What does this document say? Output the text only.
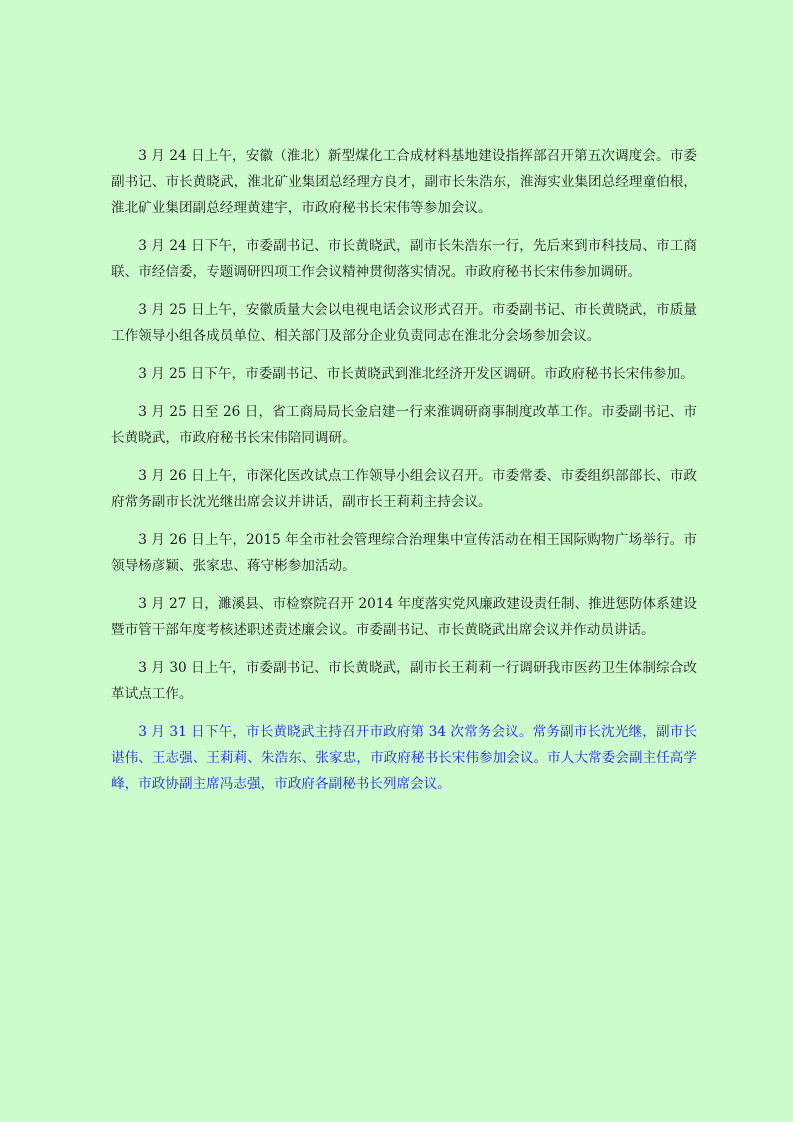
3 月 24 日上午，安徽（淮北）新型煤化工合成材料基地建设指挥部召开第五次调度会。市委副书记、市长黄晓武，淮北矿业集团总经理方良才，副市长朱浩东，淮海实业集团总经理童伯根，淮北矿业集团副总经理黄建宇，市政府秘书长宋伟等参加会议。

3 月 24 日下午，市委副书记、市长黄晓武，副市长朱浩东一行，先后来到市科技局、市工商联、市经信委，专题调研四项工作会议精神贯彻落实情况。市政府秘书长宋伟参加调研。

3 月 25 日上午，安徽质量大会以电视电话会议形式召开。市委副书记、市长黄晓武，市质量工作领导小组各成员单位、相关部门及部分企业负责同志在淮北分会场参加会议。

3 月 25 日下午，市委副书记、市长黄晓武到淮北经济开发区调研。市政府秘书长宋伟参加。

3 月 25 日至 26 日，省工商局局长金启建一行来淮调研商事制度改革工作。市委副书记、市长黄晓武，市政府秘书长宋伟陪同调研。

3 月 26 日上午，市深化医改试点工作领导小组会议召开。市委常委、市委组织部部长、市政府常务副市长沈光继出席会议并讲话，副市长王莉莉主持会议。

3 月 26 日上午，2015 年全市社会管理综合治理集中宣传活动在相王国际购物广场举行。市领导杨彦颖、张家忠、蒋守彬参加活动。

3 月 27 日，濉溪县、市检察院召开 2014 年度落实党风廉政建设责任制、推进惩防体系建设暨市管干部年度考核述职述责述廉会议。市委副书记、市长黄晓武出席会议并作动员讲话。

3 月 30 日上午，市委副书记、市长黄晓武，副市长王莉莉一行调研我市医药卫生体制综合改革试点工作。

3 月 31 日下午，市长黄晓武主持召开市政府第 34 次常务会议。常务副市长沈光继，副市长谌伟、王志强、王莉莉、朱浩东、张家忠，市政府秘书长宋伟参加会议。市人大常委会副主任高学峰，市政协副主席冯志强，市政府各副秘书长列席会议。
